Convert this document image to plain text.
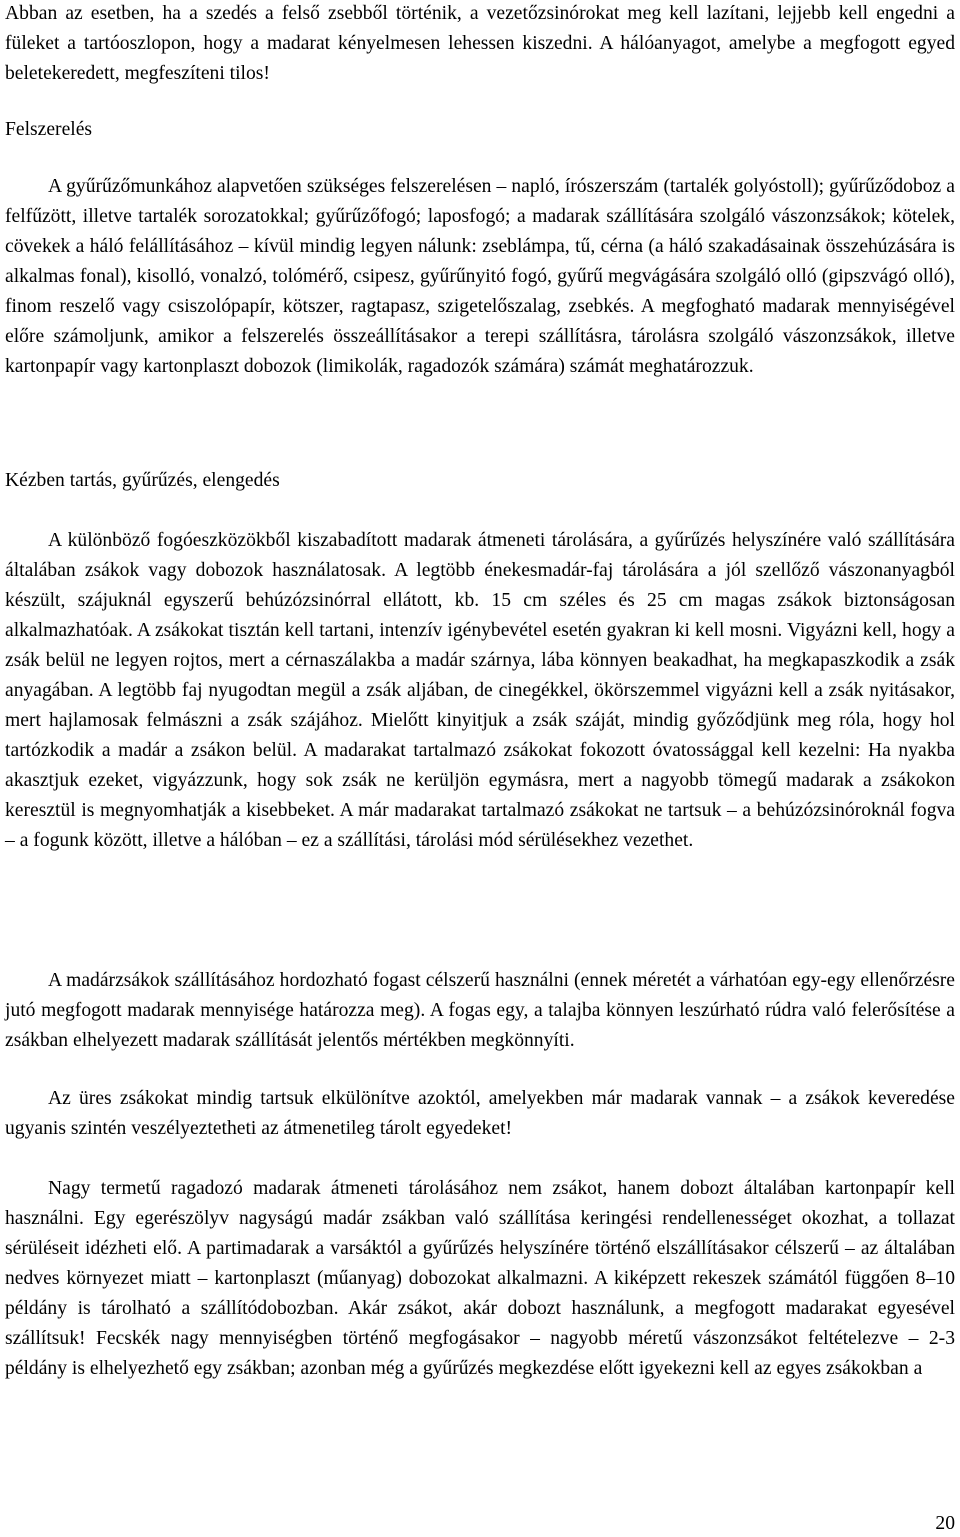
Abban az esetben, ha a szedés a felső zsebből történik, a vezetőzsinórokat meg kell lazítani, lejjebb kell engedni a füleket a tartóoszlopon, hogy a madarat kényelmesen lehessen kiszedni. A hálóanyagot, amelybe a megfogott egyed beletekeredett, megfeszíteni tilos!

Felszerelés

A gyűrűzőmunkához alapvetően szükséges felszerelésen – napló, írószerszám (tartalék golyóstoll); gyűrűződoboz a felfűzött, illetve tartalék sorozatokkal; gyűrűzőfogó; laposfogó; a madarak szállítására szolgáló vászonzsákok; kötelek, cövekek a háló felállításához – kívül mindig legyen nálunk: zseblámpa, tű, cérna (a háló szakadásainak összehúzására is alkalmas fonal), kisolló, vonalzó, tolómérő, csipesz, gyűrűnyitó fogó, gyűrű megvágására szolgáló olló (gipszvágó olló), finom reszelő vagy csiszolópapír, kötszer, ragtapasz, szigetelőszalag, zsebkés. A megfogható madarak mennyiségével előre számoljunk, amikor a felszerelés összeállításakor a terepi szállításra, tárolásra szolgáló vászonzsákok, illetve kartonpapír vagy kartonplaszt dobozok (limikolák, ragadozók számára) számát meghatározzuk.

Kézben tartás, gyűrűzés, elengedés

A különböző fogóeszközökből kiszabadított madarak átmeneti tárolására, a gyűrűzés helyszínére való szállítására általában zsákok vagy dobozok használatosak. A legtöbb énekesmadár-faj tárolására a jól szellőző vászonanyagból készült, szájuknál egyszerű behúzózsinórral ellátott, kb. 15 cm széles és 25 cm magas zsákok biztonságosan alkalmazhatóak. A zsákokat tisztán kell tartani, intenzív igénybevétel esetén gyakran ki kell mosni. Vigyázni kell, hogy a zsák belül ne legyen rojtos, mert a cérnaszálakba a madár szárnya, lába könnyen beakadhat, ha megkapaszkodik a zsák anyagában. A legtöbb faj nyugodtan megül a zsák aljában, de cinegékkel, ökörszemmel vigyázni kell a zsák nyitásakor, mert hajlamosak felmászni a zsák szájához. Mielőtt kinyitjuk a zsák száját, mindig győződjünk meg róla, hogy hol tartózkodik a madár a zsákon belül. A madarakat tartalmazó zsákokat fokozott óvatossággal kell kezelni: Ha nyakba akasztjuk ezeket, vigyázzunk, hogy sok zsák ne kerüljön egymásra, mert a nagyobb tömegű madarak a zsákokon keresztül is megnyomhatják a kisebbeket. A már madarakat tartalmazó zsákokat ne tartsuk – a behúzózsinóroknál fogva – a fogunk között, illetve a hálóban – ez a szállítási, tárolási mód sérülésekhez vezethet.

A madárzsákok szállításához hordozható fogast célszerű használni (ennek méretét a várhatóan egy-egy ellenőrzésre jutó megfogott madarak mennyisége határozza meg). A fogas egy, a talajba könnyen leszúrható rúdra való felerősítése a zsákban elhelyezett madarak szállítását jelentős mértékben megkönnyíti.

Az üres zsákokat mindig tartsuk elkülönítve azoktól, amelyekben már madarak vannak – a zsákok keveredése ugyanis szintén veszélyeztetheti az átmenetileg tárolt egyedeket!

Nagy termetű ragadozó madarak átmeneti tárolásához nem zsákot, hanem dobozt általában kartonpapír kell használni. Egy egerészölyv nagyságú madár zsákban való szállítása keringési rendellenességet okozhat, a tollazat sérüléseit idézheti elő. A partimadarak a varsáktól a gyűrűzés helyszínére történő elszállításakor célszerű – az általában nedves környezet miatt – kartonplaszt (műanyag) dobozokat alkalmazni. A kiképzett rekeszek számától függően 8–10 példány is tárolható a szállítódobozban. Akár zsákot, akár dobozt használunk, a megfogott madarakat egyesével szállítsuk! Fecskék nagy mennyiségben történő megfogásakor – nagyobb méretű vászonzsákot feltételezve – 2-3 példány is elhelyezhető egy zsákban; azonban még a gyűrűzés megkezdése előtt igyekezni kell az egyes zsákokban a

20
